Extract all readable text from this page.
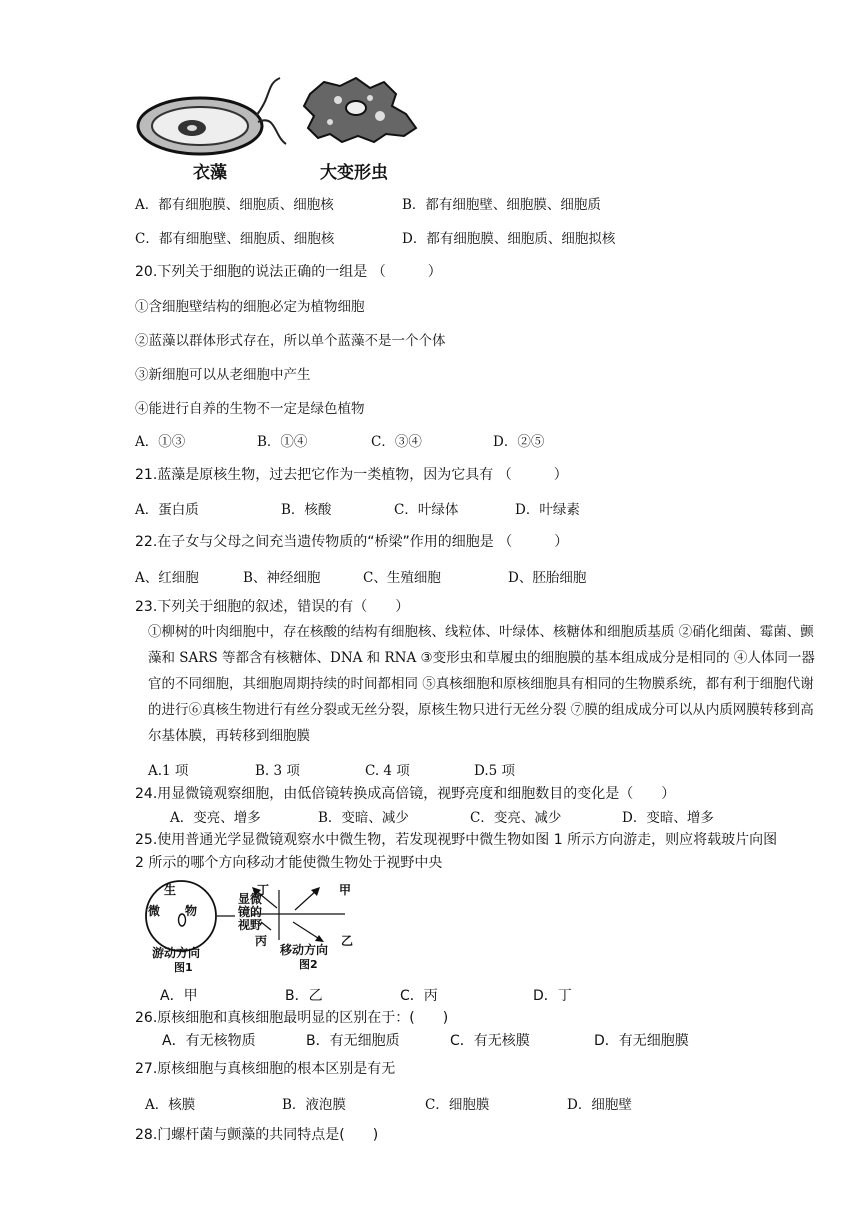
衣藻	大变形虫
A．都有细胞膜、细胞质、细胞核	B．都有细胞壁、细胞膜、细胞质
C．都有细胞壁、细胞质、细胞核	D．都有细胞膜、细胞质、细胞拟核
20.下列关于细胞的说法正确的一组是 （　　　）
①含细胞壁结构的细胞必定为植物细胞
②蓝藻以群体形式存在，所以单个蓝藻不是一个个体
③新细胞可以从老细胞中产生
④能进行自养的生物不一定是绿色植物
A．①③	B．①④	C．③④	D．②⑤
21.蓝藻是原核生物，过去把它作为一类植物，因为它具有 （　　　）
A．蛋白质	B．核酸	C．叶绿体	D．叶绿素
22.在子女与父母之间充当遗传物质的“桥梁”作用的细胞是 （　　　）
A、红细胞	B、神经细胞	C、生殖细胞	D、胚胎细胞
23.下列关于细胞的叙述，错误的有（　　）
①柳树的叶肉细胞中，存在核酸的结构有细胞核、线粒体、叶绿体、核糖体和细胞质基质 ②硝化细菌、霉菌、颤藻和 SARS 等都含有核糖体、DNA 和 RNA ③变形虫和草履虫的细胞膜的基本组成成分是相同的 ④人体同一器官的不同细胞，其细胞周期持续的时间都相同 ⑤真核细胞和原核细胞具有相同的生物膜系统，都有利于细胞代谢的进行⑥真核生物进行有丝分裂或无丝分裂，原核生物只进行无丝分裂 ⑦膜的组成成分可以从内质网膜转移到高尔基体膜，再转移到细胞膜
A.1 项	B. 3 项	C. 4 项	D.5 项
24.用显微镜观察细胞，由低倍镜转换成高倍镜，视野亮度和细胞数目的变化是（　　）
A．变亮、增多	B．变暗、减少	C．变亮、减少	D．变暗、增多
25.使用普通光学显微镜观察水中微生物，若发现视野中微生物如图 1 所示方向游走，则应将载玻片向图
2 所示的哪个方向移动才能使微生物处于视野中央
生
微 物
显微
镜的
视野
丁	甲
丙	乙
游动方向
图1
移动方向
图2
A．甲	B．乙	C．丙	D．丁
26.原核细胞和真核细胞最明显的区别在于：(　　)
A．有无核物质	B．有无细胞质	C．有无核膜	D．有无细胞膜
27.原核细胞与真核细胞的根本区别是有无
A．核膜	B．液泡膜	C．细胞膜	D．细胞壁
28.门螺杆菌与颤藻的共同特点是(　　)
